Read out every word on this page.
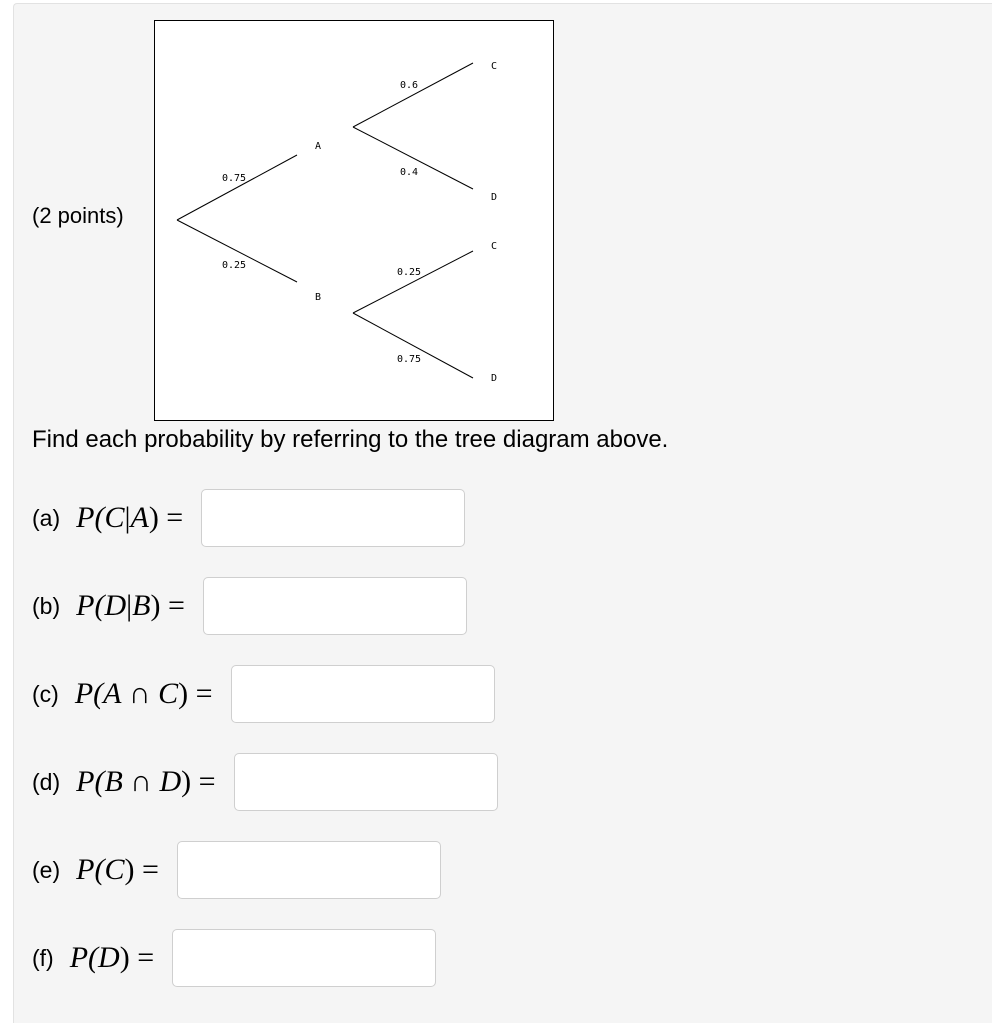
(2 points)
0.75
0.25
0.6
0.4
0.25
0.75
A
B
C
D
C
D
Find each probability by referring to the tree diagram above.
(a) P(C|A) =
(b) P(D|B) =
(c) P(A ∩ C) =
(d) P(B ∩ D) =
(e) P(C) =
(f) P(D) =
